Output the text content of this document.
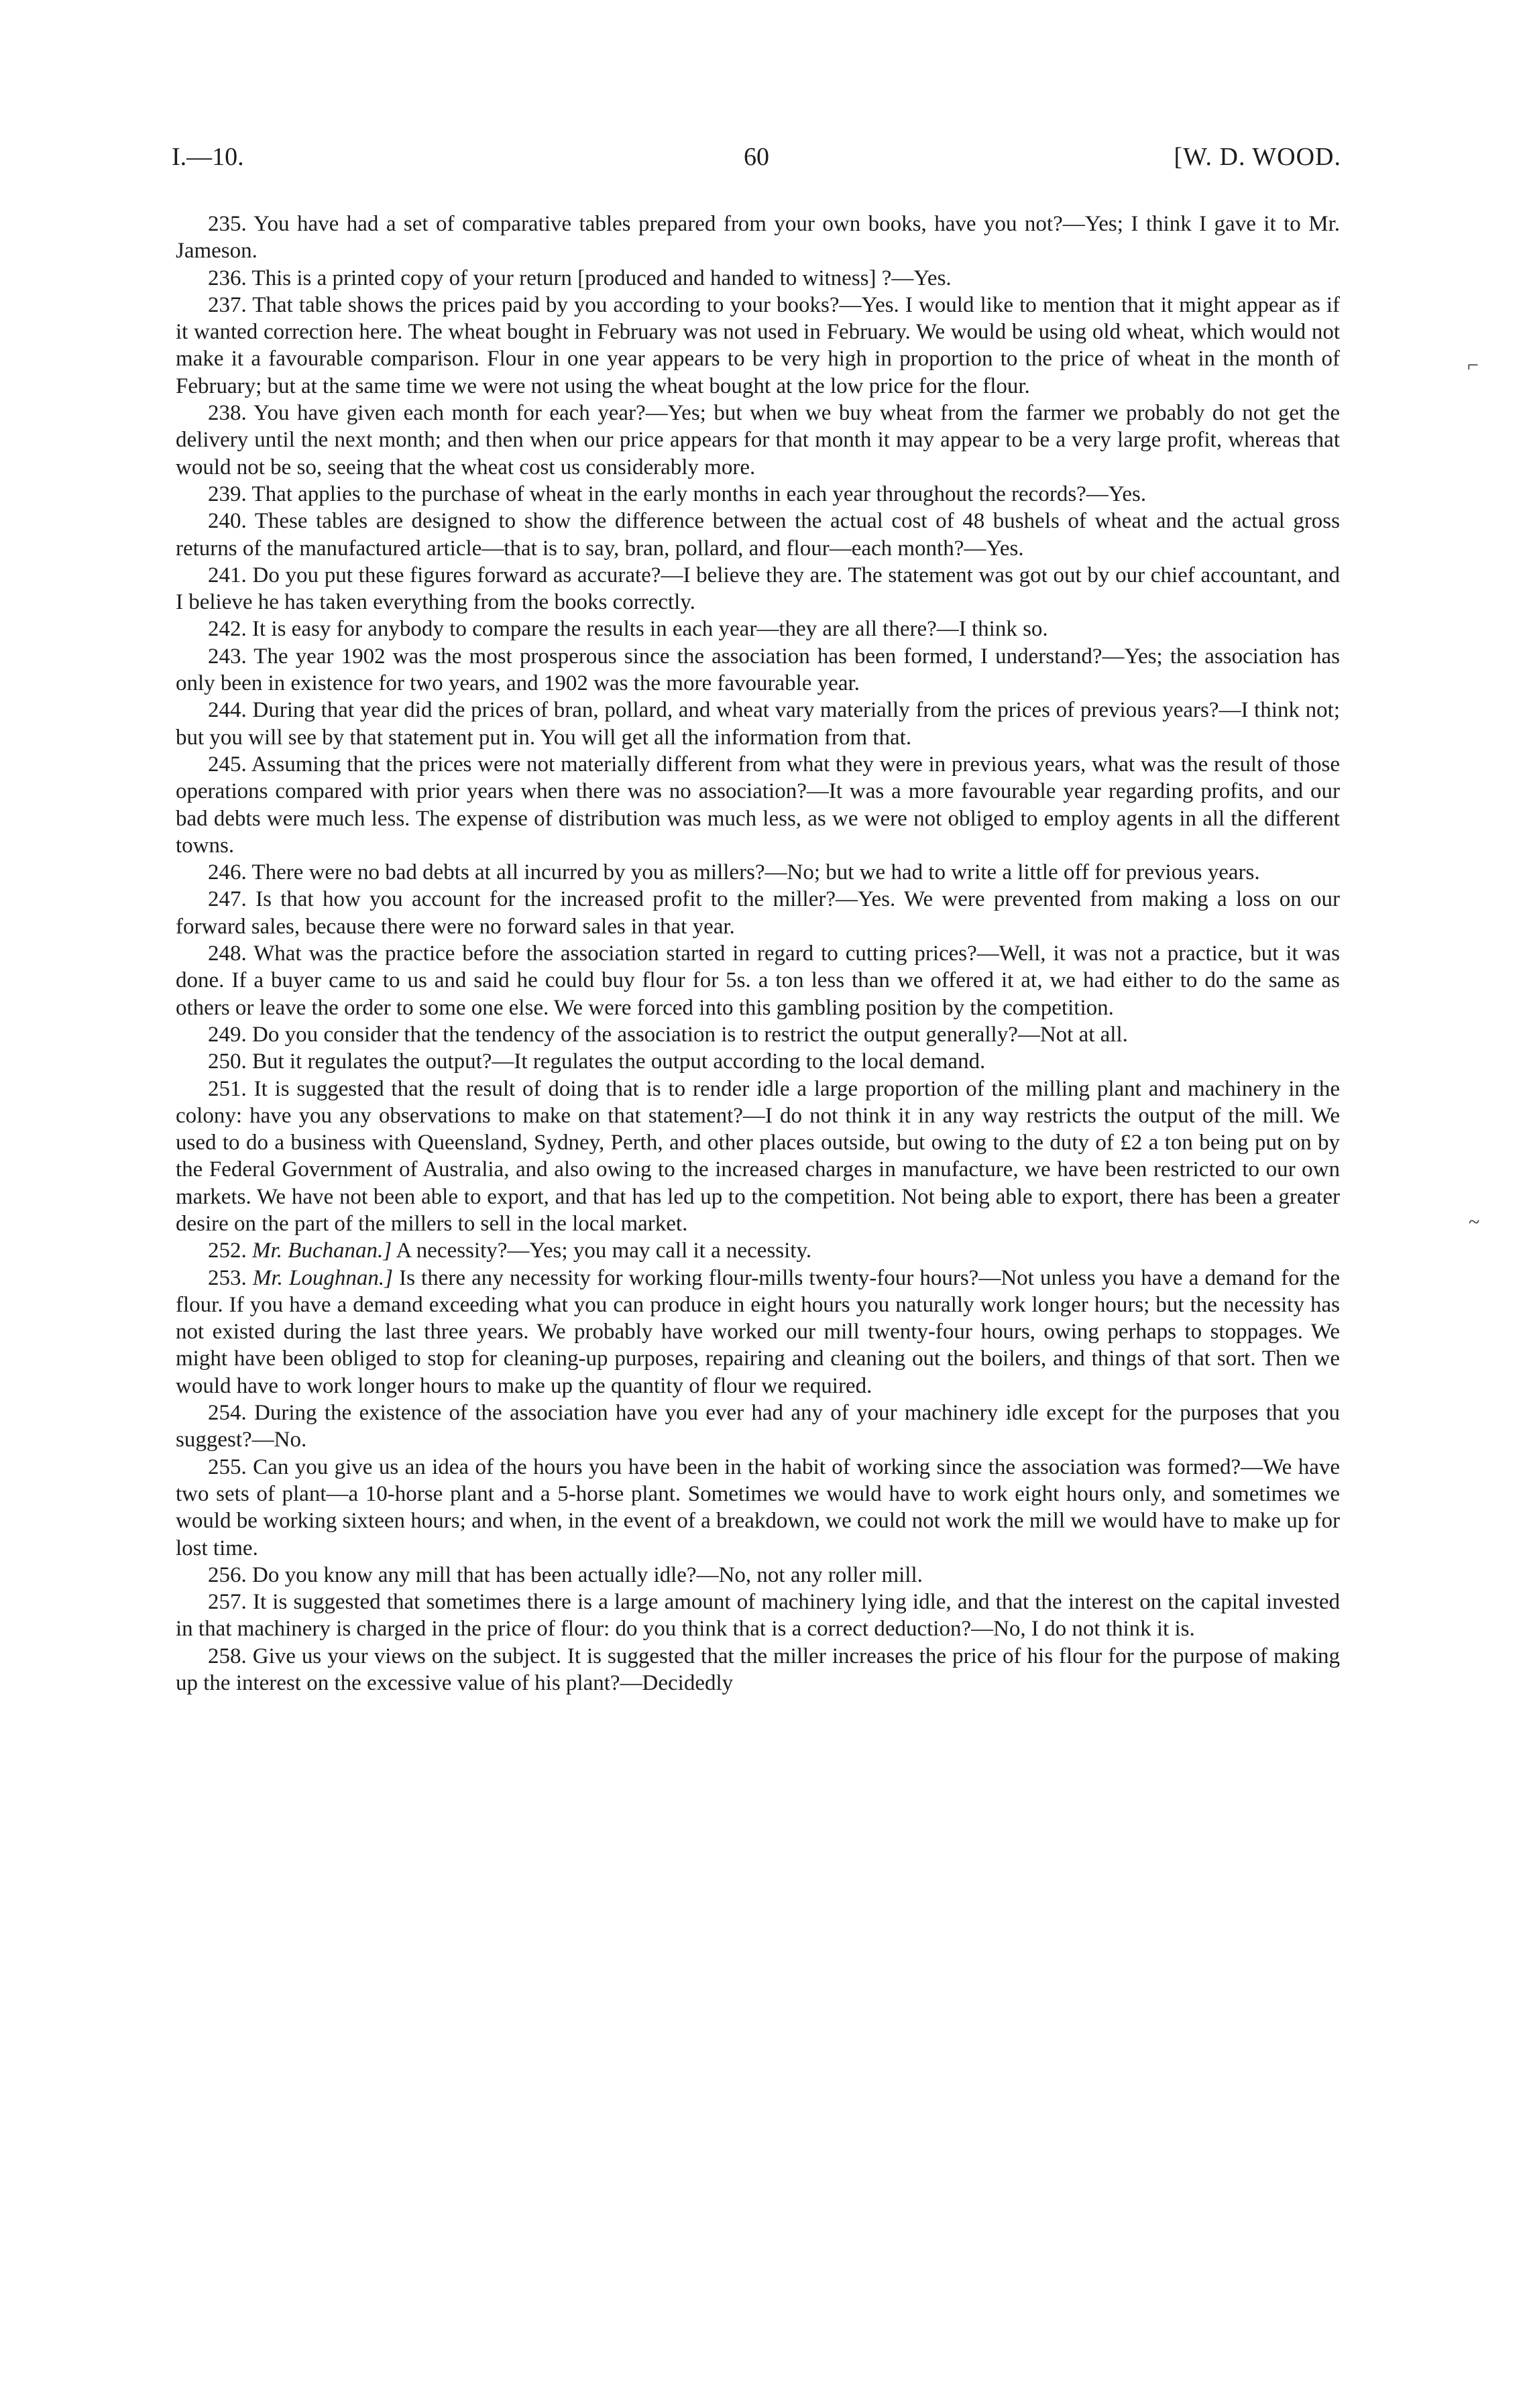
I.—10.	60	[W. D. WOOD.
⌐
~

235. You have had a set of comparative tables prepared from your own books, have you not?—Yes; I think I gave it to Mr. Jameson.

236. This is a printed copy of your return [produced and handed to witness] ?—Yes.

237. That table shows the prices paid by you according to your books?—Yes. I would like to mention that it might appear as if it wanted correction here. The wheat bought in February was not used in February. We would be using old wheat, which would not make it a favourable comparison. Flour in one year appears to be very high in proportion to the price of wheat in the month of February; but at the same time we were not using the wheat bought at the low price for the flour.

238. You have given each month for each year?—Yes; but when we buy wheat from the farmer we probably do not get the delivery until the next month; and then when our price appears for that month it may appear to be a very large profit, whereas that would not be so, seeing that the wheat cost us considerably more.

239. That applies to the purchase of wheat in the early months in each year throughout the records?—Yes.

240. These tables are designed to show the difference between the actual cost of 48 bushels of wheat and the actual gross returns of the manufactured article—that is to say, bran, pollard, and flour—each month?—Yes.

241. Do you put these figures forward as accurate?—I believe they are. The statement was got out by our chief accountant, and I believe he has taken everything from the books correctly.

242. It is easy for anybody to compare the results in each year—they are all there?—I think so.

243. The year 1902 was the most prosperous since the association has been formed, I understand?—Yes; the association has only been in existence for two years, and 1902 was the more favourable year.

244. During that year did the prices of bran, pollard, and wheat vary materially from the prices of previous years?—I think not; but you will see by that statement put in. You will get all the information from that.

245. Assuming that the prices were not materially different from what they were in previous years, what was the result of those operations compared with prior years when there was no association?—It was a more favourable year regarding profits, and our bad debts were much less. The expense of distribution was much less, as we were not obliged to employ agents in all the different towns.

246. There were no bad debts at all incurred by you as millers?—No; but we had to write a little off for previous years.

247. Is that how you account for the increased profit to the miller?—Yes. We were prevented from making a loss on our forward sales, because there were no forward sales in that year.

248. What was the practice before the association started in regard to cutting prices?—Well, it was not a practice, but it was done. If a buyer came to us and said he could buy flour for 5s. a ton less than we offered it at, we had either to do the same as others or leave the order to some one else. We were forced into this gambling position by the competition.

249. Do you consider that the tendency of the association is to restrict the output generally?—Not at all.

250. But it regulates the output?—It regulates the output according to the local demand.

251. It is suggested that the result of doing that is to render idle a large proportion of the milling plant and machinery in the colony: have you any observations to make on that statement?—I do not think it in any way restricts the output of the mill. We used to do a business with Queensland, Sydney, Perth, and other places outside, but owing to the duty of £2 a ton being put on by the Federal Government of Australia, and also owing to the increased charges in manufacture, we have been restricted to our own markets. We have not been able to export, and that has led up to the competition. Not being able to export, there has been a greater desire on the part of the millers to sell in the local market.

252. Mr. Buchanan.] A necessity?—Yes; you may call it a necessity.

253. Mr. Loughnan.] Is there any necessity for working flour-mills twenty-four hours?—Not unless you have a demand for the flour. If you have a demand exceeding what you can produce in eight hours you naturally work longer hours; but the necessity has not existed during the last three years. We probably have worked our mill twenty-four hours, owing perhaps to stoppages. We might have been obliged to stop for cleaning-up purposes, repairing and cleaning out the boilers, and things of that sort. Then we would have to work longer hours to make up the quantity of flour we required.

254. During the existence of the association have you ever had any of your machinery idle except for the purposes that you suggest?—No.

255. Can you give us an idea of the hours you have been in the habit of working since the association was formed?—We have two sets of plant—a 10-horse plant and a 5-horse plant. Sometimes we would have to work eight hours only, and sometimes we would be working sixteen hours; and when, in the event of a breakdown, we could not work the mill we would have to make up for lost time.

256. Do you know any mill that has been actually idle?—No, not any roller mill.

257. It is suggested that sometimes there is a large amount of machinery lying idle, and that the interest on the capital invested in that machinery is charged in the price of flour: do you think that is a correct deduction?—No, I do not think it is.

258. Give us your views on the subject. It is suggested that the miller increases the price of his flour for the purpose of making up the interest on the excessive value of his plant?—Decidedly
